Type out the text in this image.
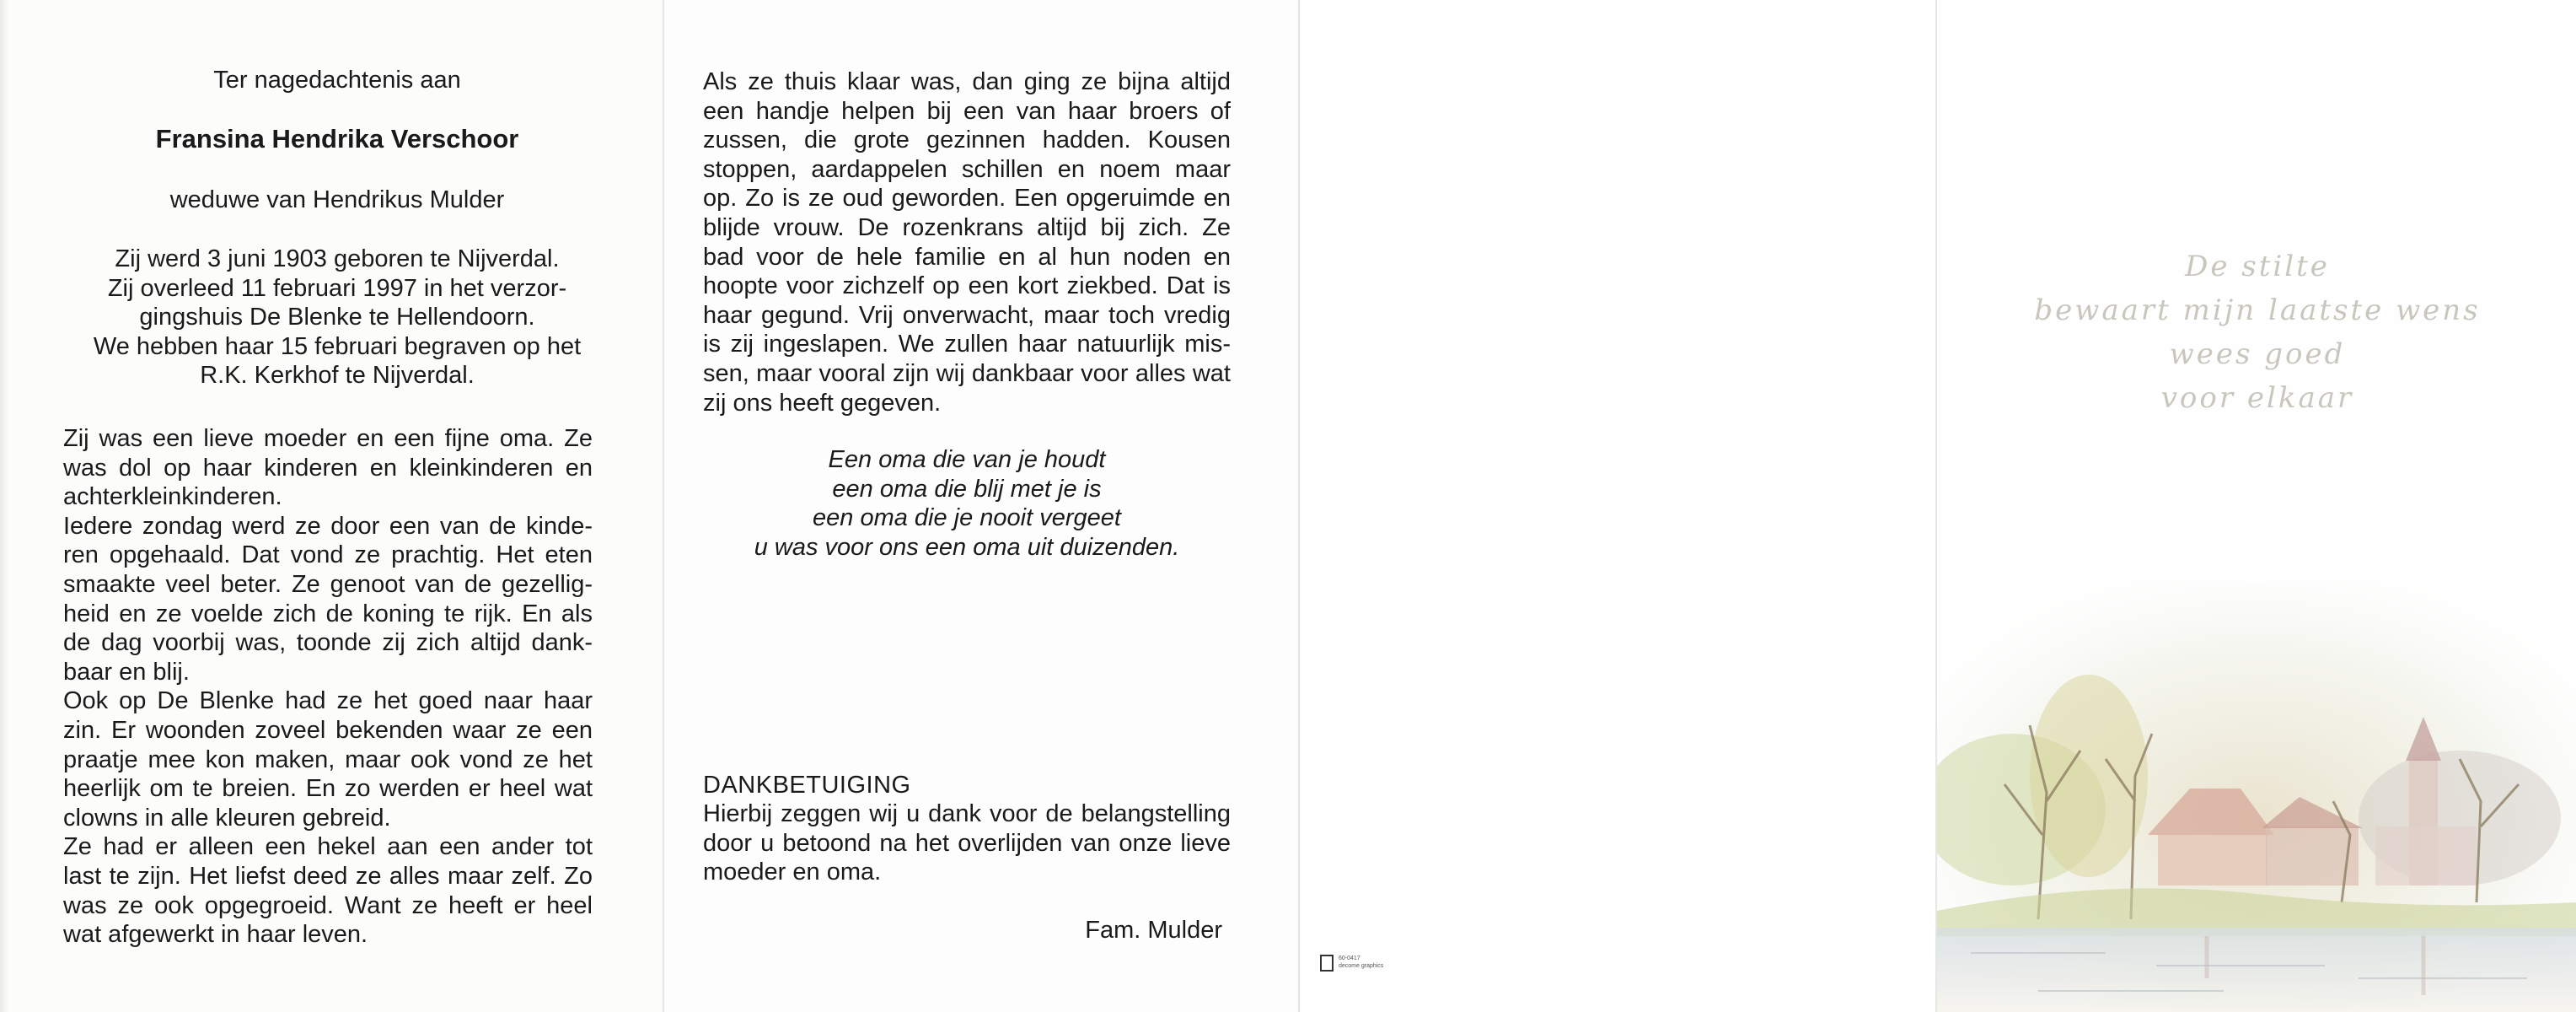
Ter nagedachtenis aan
Fransina Hendrika Verschoor
weduwe van Hendrikus Mulder
Zij werd 3 juni 1903 geboren te Nijverdal.
Zij overleed 11 februari 1997 in het verzor-
gingshuis De Blenke te Hellendoorn.
We hebben haar 15 februari begraven op het
R.K. Kerkhof te Nijverdal.

Zij was een lieve moeder en een fijne oma. Ze was dol op haar kinderen en kleinkinderen en achterkleinkinderen.

Iedere zondag werd ze door een van de kinde-ren opgehaald. Dat vond ze prachtig. Het eten smaakte veel beter. Ze genoot van de gezellig-heid en ze voelde zich de koning te rijk. En als de dag voorbij was, toonde zij zich altijd dank-baar en blij.

Ook op De Blenke had ze het goed naar haar zin. Er woonden zoveel bekenden waar ze een praatje mee kon maken, maar ook vond ze het heerlijk om te breien. En zo werden er heel wat clowns in alle kleuren gebreid.

Ze had er alleen een hekel aan een ander tot last te zijn. Het liefst deed ze alles maar zelf. Zo was ze ook opgegroeid. Want ze heeft er heel wat afgewerkt in haar leven.

Als ze thuis klaar was, dan ging ze bijna altijd een handje helpen bij een van haar broers of zussen, die grote gezinnen hadden. Kousen stoppen, aardappelen schillen en noem maar op. Zo is ze oud geworden. Een opgeruimde en blijde vrouw. De rozenkrans altijd bij zich. Ze bad voor de hele familie en al hun noden en hoopte voor zichzelf op een kort ziekbed. Dat is haar gegund. Vrij onverwacht, maar toch vredig is zij ingeslapen. We zullen haar natuurlijk mis-sen, maar vooral zijn wij dankbaar voor alles wat zij ons heeft gegeven.
Een oma die van je houdt
een oma die blij met je is
een oma die je nooit vergeet
u was voor ons een oma uit duizenden.
DANKBETUIGING
Hierbij zeggen wij u dank voor de belangstelling door u betoond na het overlijden van onze lieve moeder en oma.
Fam. Mulder
60-0417
decome graphics
De stilte
bewaart mijn laatste wens
wees goed
voor elkaar
